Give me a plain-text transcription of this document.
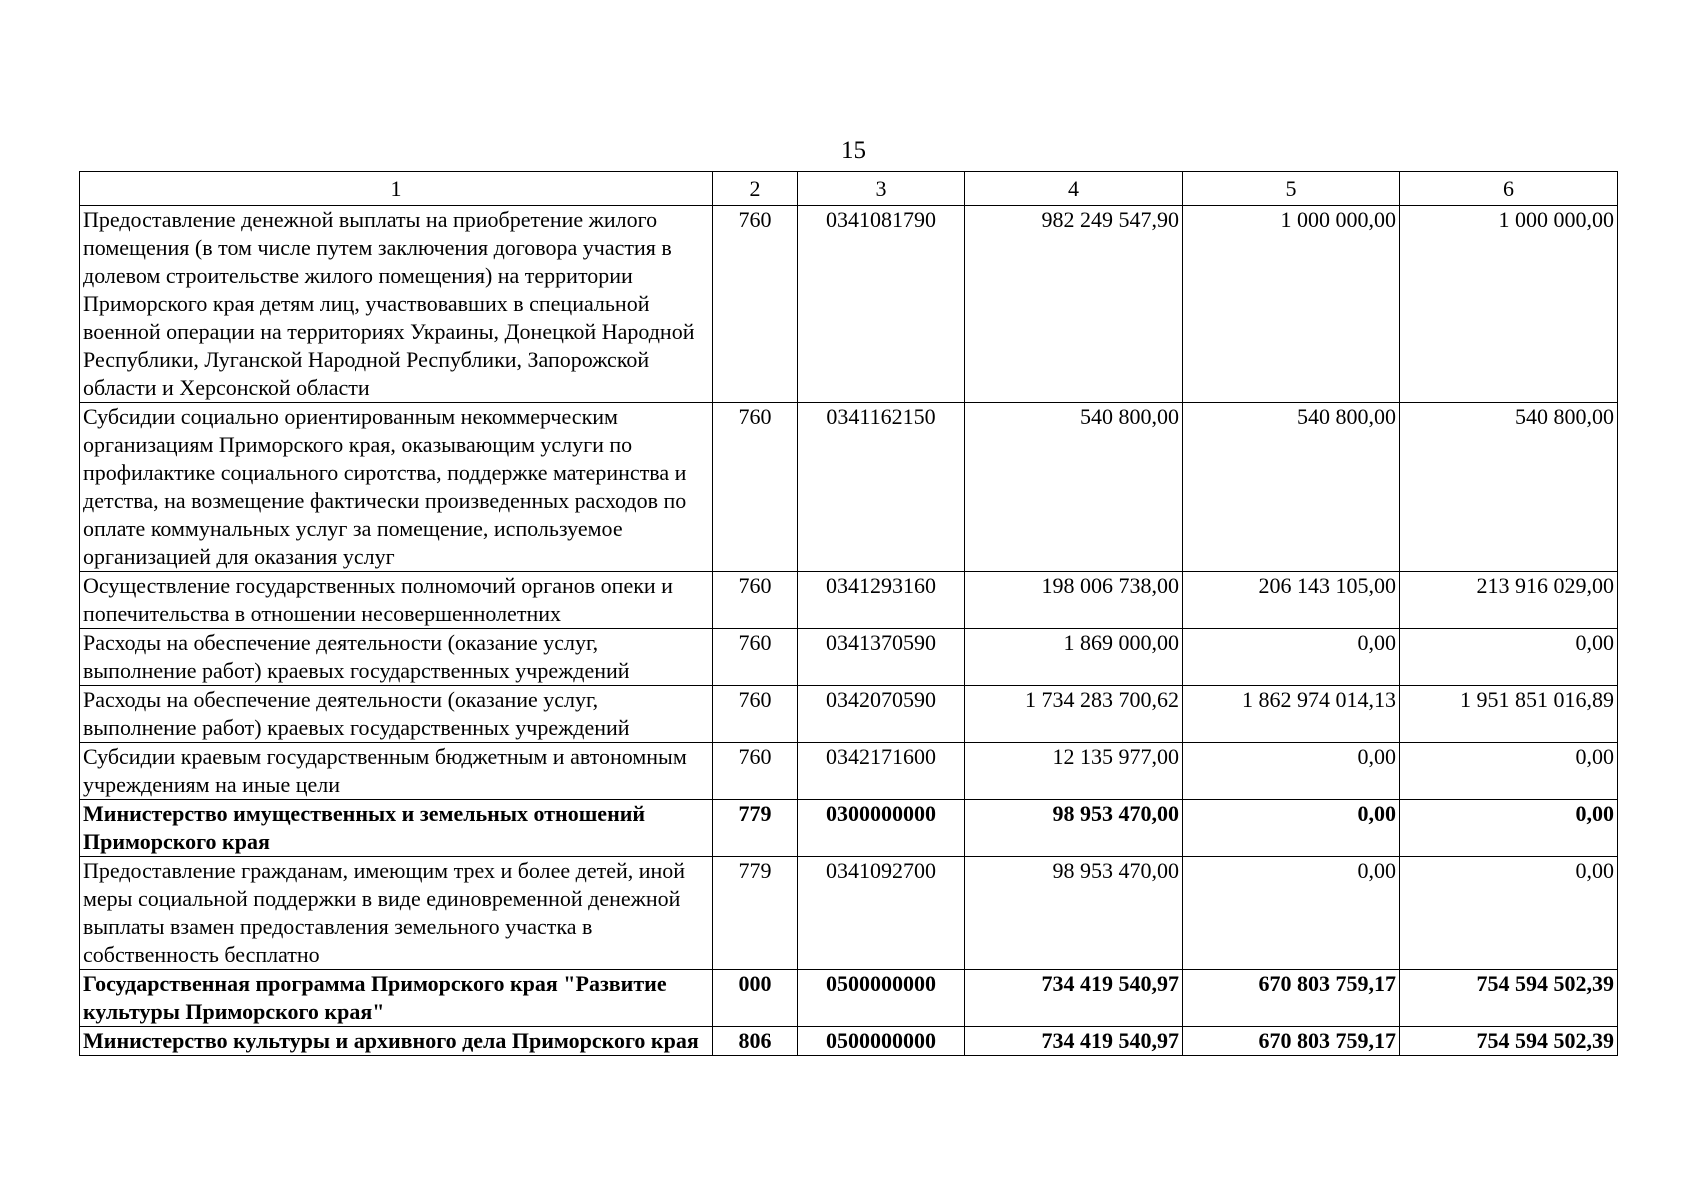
15
1	2	3	4	5	6
Предоставление денежной выплаты на приобретение жилого помещения (в том числе путем заключения договора участия в долевом строительстве жилого помещения) на территории Приморского края детям лиц, участвовавших в специальной военной операции на территориях Украины, Донецкой Народной Республики, Луганской Народной Республики, Запорожской области и Херсонской области	760	0341081790	982 249 547,90	1 000 000,00	1 000 000,00
Субсидии социально ориентированным некоммерческим организациям Приморского края, оказывающим услуги по профилактике социального сиротства, поддержке материнства и детства, на возмещение фактически произведенных расходов по оплате коммунальных услуг за помещение, используемое организацией для оказания услуг	760	0341162150	540 800,00	540 800,00	540 800,00
Осуществление государственных полномочий органов опеки и попечительства в отношении несовершеннолетних	760	0341293160	198 006 738,00	206 143 105,00	213 916 029,00
Расходы на обеспечение деятельности (оказание услуг, выполнение работ) краевых государственных учреждений	760	0341370590	1 869 000,00	0,00	0,00
Расходы на обеспечение деятельности (оказание услуг, выполнение работ) краевых государственных учреждений	760	0342070590	1 734 283 700,62	1 862 974 014,13	1 951 851 016,89
Субсидии краевым государственным бюджетным и автономным учреждениям на иные цели	760	0342171600	12 135 977,00	0,00	0,00
Министерство имущественных и земельных отношений Приморского края	779	0300000000	98 953 470,00	0,00	0,00
Предоставление гражданам, имеющим трех и более детей, иной меры социальной поддержки в виде единовременной денежной выплаты взамен предоставления земельного участка в собственность бесплатно	779	0341092700	98 953 470,00	0,00	0,00
Государственная программа Приморского края "Развитие культуры Приморского края"	000	0500000000	734 419 540,97	670 803 759,17	754 594 502,39
Министерство культуры и архивного дела Приморского края	806	0500000000	734 419 540,97	670 803 759,17	754 594 502,39
